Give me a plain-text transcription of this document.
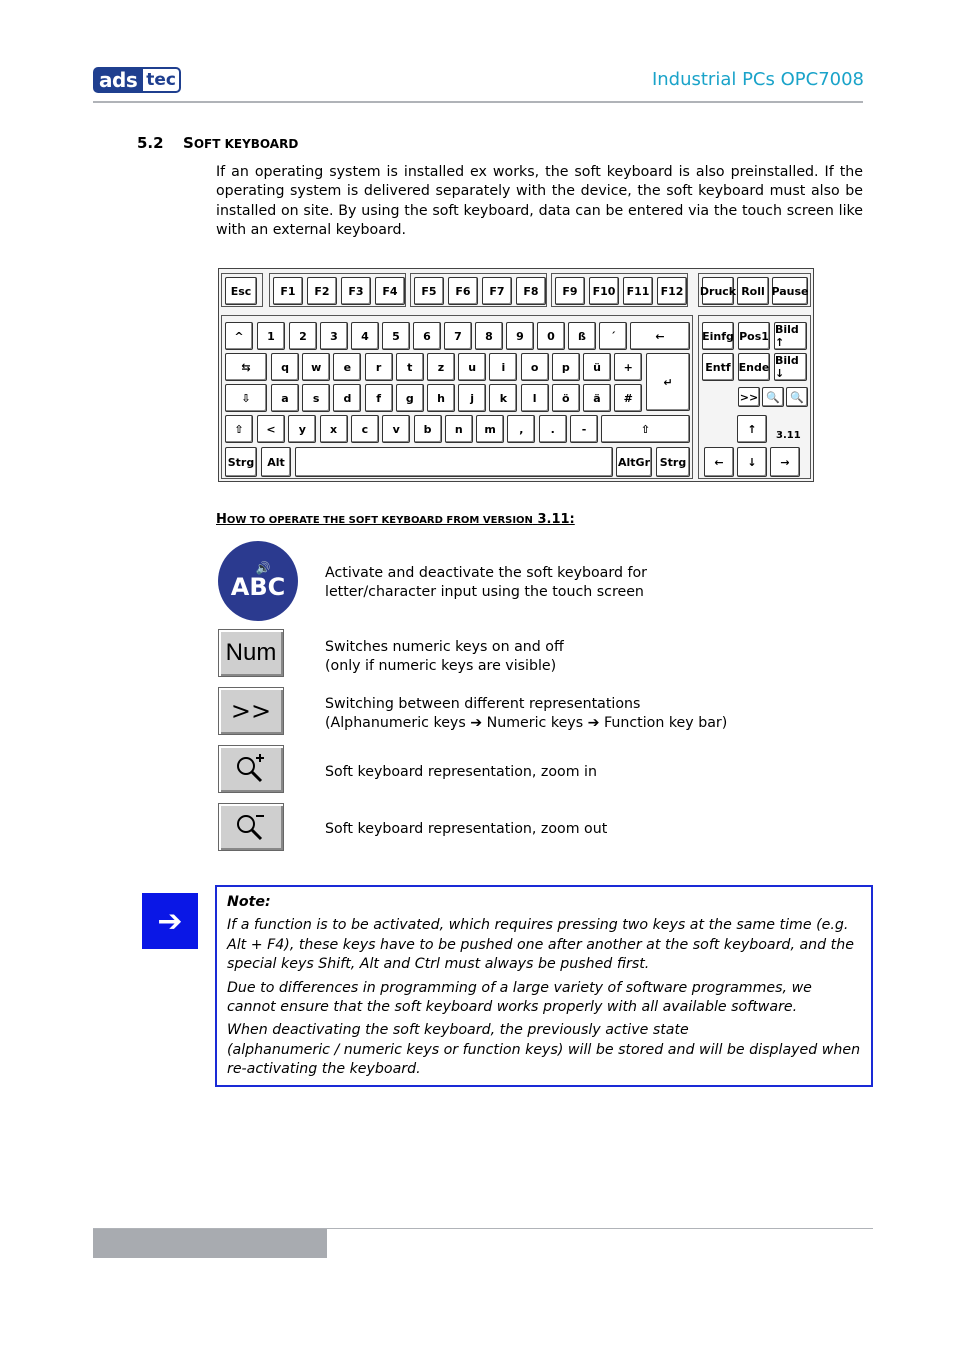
ads tec	Industrial PCs OPC7008
5.2 SOFT KEYBOARD
If an operating system is installed ex works, the soft keyboard is also preinstalled. If the operating system is delivered separately with the device, the soft keyboard must also be installed on site. By using the soft keyboard, data can be entered via the touch screen like with an external keyboard.
Esc	F1	F2	F3	F4	F5	F6	F7	F8	F9	F10	F11	F12	Druck Roll Pause
^	1	2	3	4	5	6	7	8	9	0	ß	´	←
⇆	q	w	e	r	t	z	u	i	o	p	ü	+
↵
⇩	a	s	d	f	g	h	j	k	l	ö	ä	#
⇧	<	y	x	c	v	b	n	m	,	.	-	⇧
Strg	Alt	AltGr Strg
Einfg Pos1 Bild ↑
Entf Ende Bild ↓
>> 🔍 🔍
↑
←	↓	→
3.11
HOW TO OPERATE THE SOFT KEYBOARD FROM VERSION 3.11:
🔊
ABC	Activate and deactivate the soft keyboard for
letter/character input using the touch screen
Num	Switches numeric keys on and off
(only if numeric keys are visible)
>>	Switching between different representations
(Alphanumeric keys ➔ Numeric keys ➔ Function key bar)
Soft keyboard representation, zoom in
Soft keyboard representation, zoom out
➔

Note:

If a function is to be activated, which requires pressing two keys at the same time (e.g. Alt + F4), these keys have to be pushed one after another at the soft keyboard, and the special keys Shift, Alt and Ctrl must always be pushed first.

Due to differences in programming of a large variety of software programmes, we cannot ensure that the soft keyboard works properly with all available software.

When deactivating the soft keyboard, the previously active state
(alphanumeric / numeric keys or function keys) will be stored and will be displayed when re-activating the keyboard.
